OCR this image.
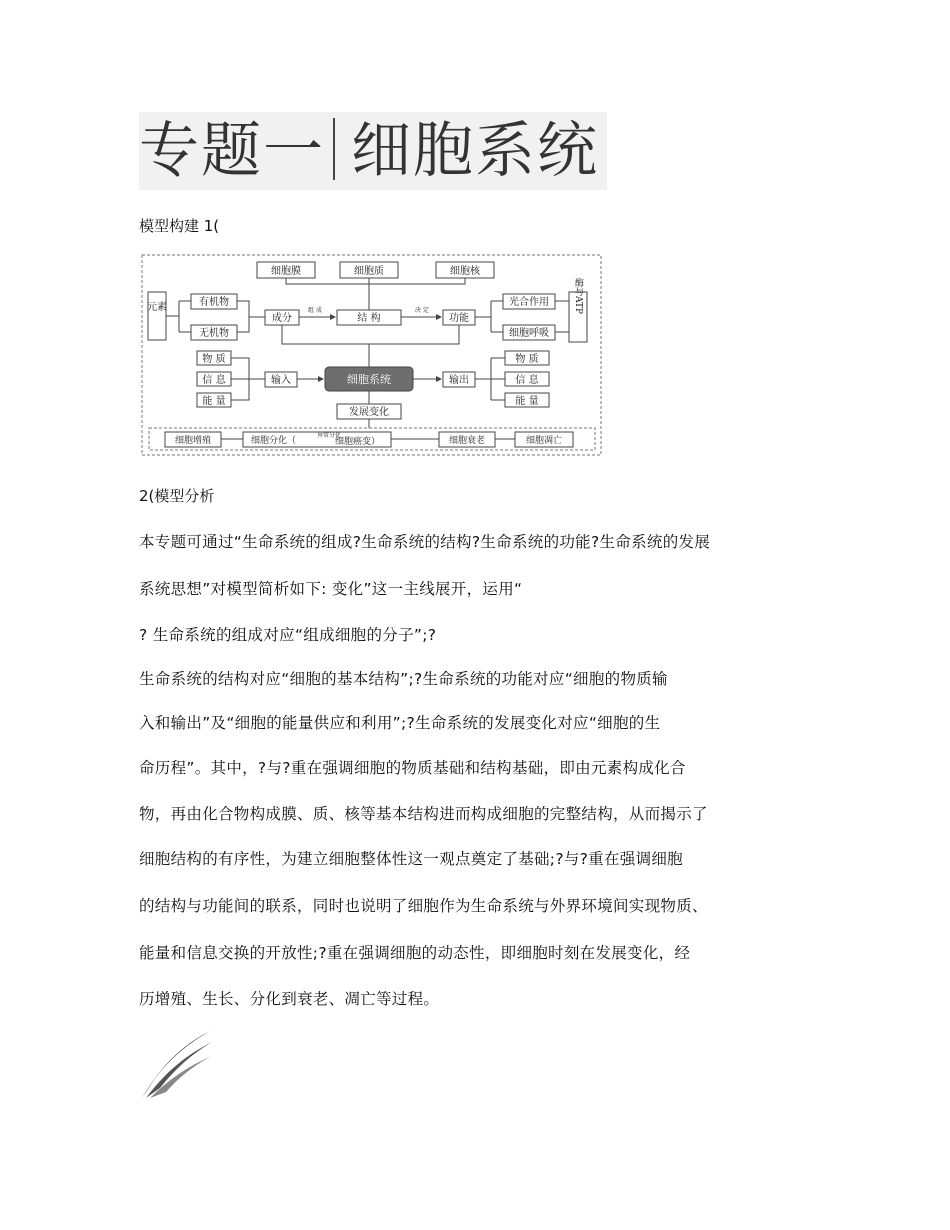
专题一 细胞系统
模型构建 1(
细胞膜	细胞质	细胞核
元素	有机物
无机物
成分
组 成
结 构
决 定
功能
光合作用
细胞呼吸
酶与ATP
物 质
信 息
能 量
输入	细胞系统	输出
物 质
信 息
能 量
发展变化
细胞增殖	细胞分化（
异常分化
细胞癌变）	细胞衰老	细胞凋亡
2(模型分析
本专题可通过“生命系统的组成?生命系统的结构?生命系统的功能?生命系统的发展
系统思想”对模型简析如下: 变化”这一主线展开，运用“
? 生命系统的组成对应“组成细胞的分子”;?
生命系统的结构对应“细胞的基本结构”;?生命系统的功能对应“细胞的物质输
入和输出”及“细胞的能量供应和利用”;?生命系统的发展变化对应“细胞的生
命历程”。其中，?与?重在强调细胞的物质基础和结构基础，即由元素构成化合
物，再由化合物构成膜、质、核等基本结构进而构成细胞的完整结构，从而揭示了
细胞结构的有序性，为建立细胞整体性这一观点奠定了基础;?与?重在强调细胞
的结构与功能间的联系，同时也说明了细胞作为生命系统与外界环境间实现物质、
能量和信息交换的开放性;?重在强调细胞的动态性，即细胞时刻在发展变化，经
历增殖、生长、分化到衰老、凋亡等过程。
